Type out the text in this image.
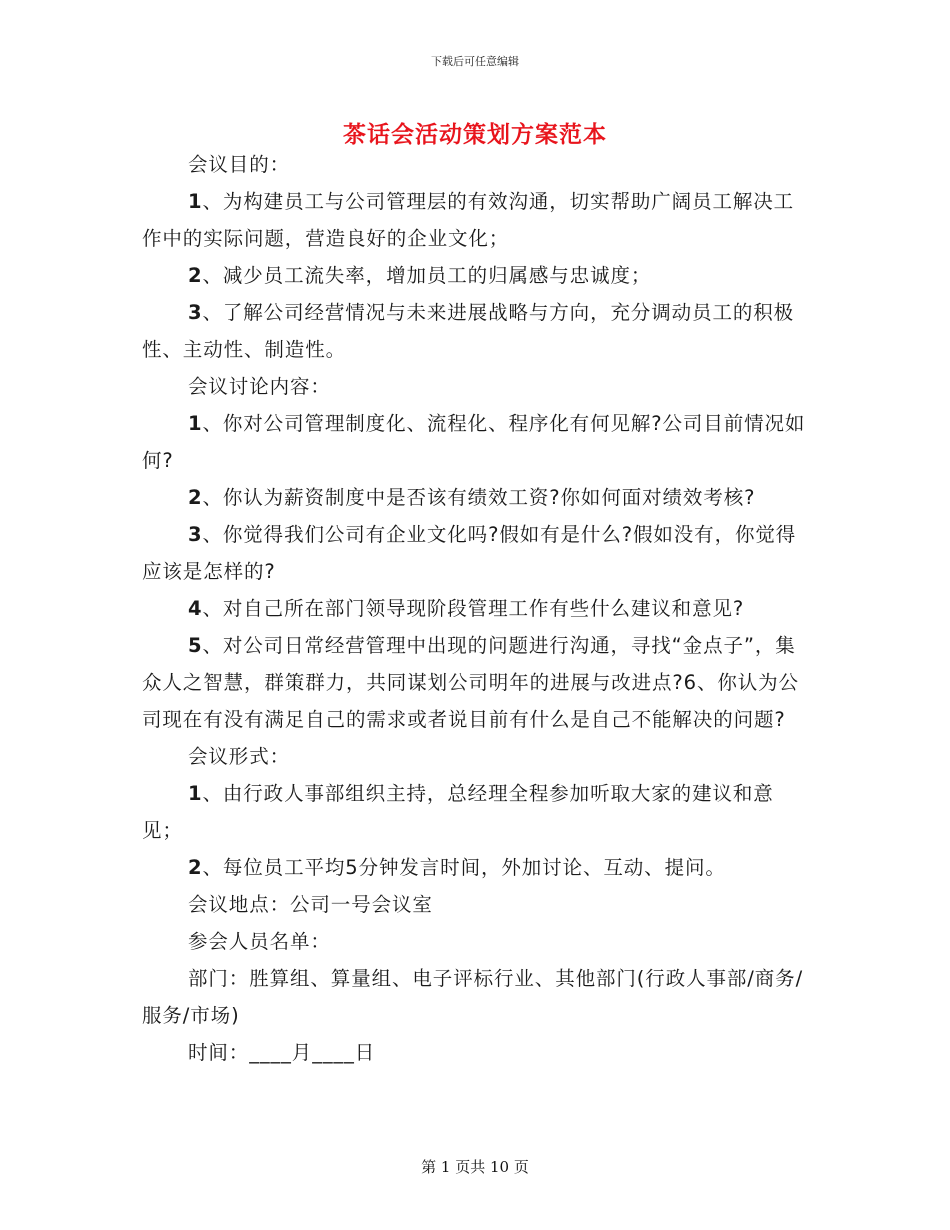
下载后可任意编辑
茶话会活动策划方案范本

会议目的：

1、为构建员工与公司管理层的有效沟通，切实帮助广阔员工解决工作中的实际问题，营造良好的企业文化；

2、减少员工流失率，增加员工的归属感与忠诚度；

3、了解公司经营情况与未来进展战略与方向，充分调动员工的积极性、主动性、制造性。

会议讨论内容：

1、你对公司管理制度化、流程化、程序化有何见解?公司目前情况如何?

2、你认为薪资制度中是否该有绩效工资?你如何面对绩效考核?

3、你觉得我们公司有企业文化吗?假如有是什么?假如没有，你觉得应该是怎样的?

4、对自己所在部门领导现阶段管理工作有些什么建议和意见?

5、对公司日常经营管理中出现的问题进行沟通，寻找“金点子”，集众人之智慧，群策群力，共同谋划公司明年的进展与改进点?6、你认为公司现在有没有满足自己的需求或者说目前有什么是自己不能解决的问题?

会议形式：

1、由行政人事部组织主持，总经理全程参加听取大家的建议和意见；

2、每位员工平均5分钟发言时间，外加讨论、互动、提问。

会议地点：公司一号会议室

参会人员名单：

部门：胜算组、算量组、电子评标行业、其他部门(行政人事部/商务/服务/市场)

时间：____月____日

第 1 页共 10 页
